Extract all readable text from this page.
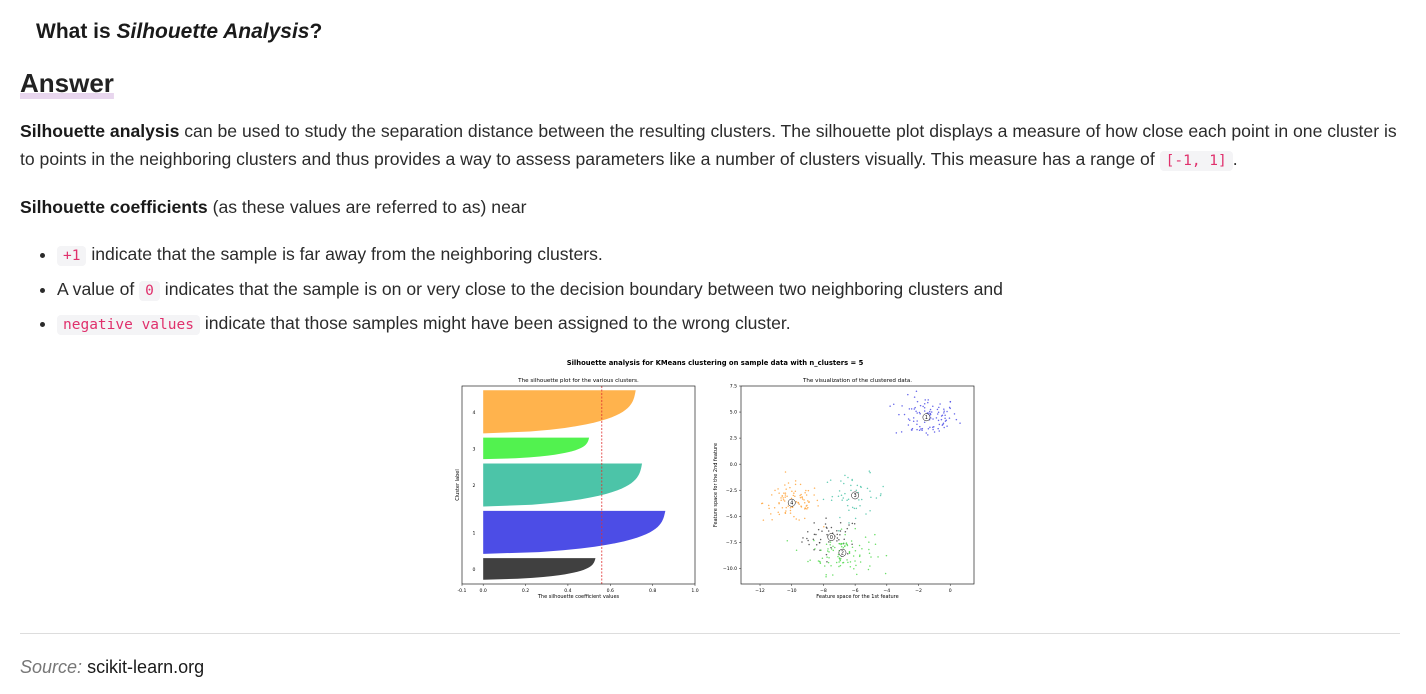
What is Silhouette Analysis?
Answer

Silhouette analysis can be used to study the separation distance between the resulting clusters. The silhouette plot displays a measure of how close each point in one cluster is to points in the neighboring clusters and thus provides a way to assess parameters like a number of clusters visually. This measure has a range of [-1, 1] .

Silhouette coefficients (as these values are referred to as) near

• +1 indicate that the sample is far away from the neighboring clusters.
• A value of 0 indicates that the sample is on or very close to the decision boundary between two neighboring clusters and
• negative values indicate that those samples might have been assigned to the wrong cluster.
Silhouette analysis for KMeans clustering on sample data with n_clusters = 5
The silhouette plot for the various clusters.
0
1
2
3
4
-0.1	0.0	0.2	0.4	0.6	0.8	1.0
The silhouette coefficient values
Cluster label
The visualization of the clustered data.
0
1
2
3
4
−12	−10	−8	−6	−4	−2	0
7.5
5.0
2.5
0.0
−2.5
−5.0
−7.5
−10.0
Feature space for the 1st feature
Feature space for the 2nd feature
Source: scikit-learn.org
